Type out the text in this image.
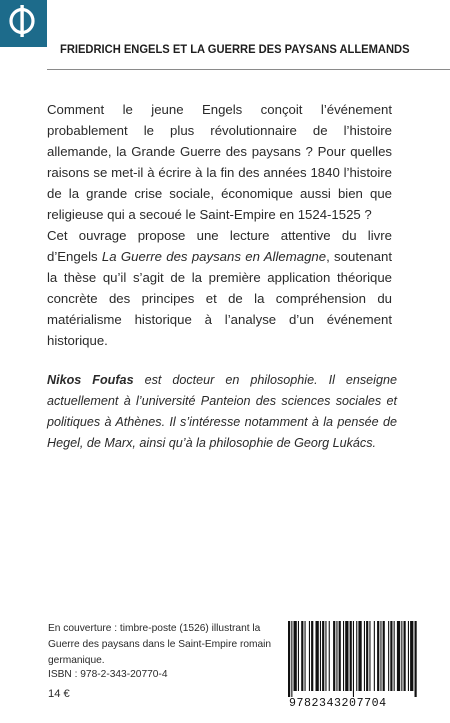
FRIEDRICH ENGELS ET LA GUERRE DES PAYSANS ALLEMANDS

Comment le jeune Engels conçoit l’événement probablement le plus révolutionnaire de l’histoire allemande, la Grande Guerre des paysans ? Pour quelles raisons se met-il à écrire à la fin des années 1840 l’histoire de la grande crise sociale, économique aussi bien que religieuse qui a secoué le Saint-Empire en 1524-1525 ?

Cet ouvrage propose une lecture attentive du livre d’Engels La Guerre des paysans en Allemagne, soutenant la thèse qu’il s’agit de la première application théorique concrète des principes et de la compréhension du matérialisme historique à l’analyse d’un événement historique.

Nikos Foufas est docteur en philosophie. Il enseigne actuellement à l’université Panteion des sciences sociales et politiques à Athènes. Il s’intéresse notamment à la pensée de Hegel, de Marx, ainsi qu’à la philosophie de Georg Lukács.
En couverture : timbre-poste (1526) illustrant la Guerre des paysans dans le Saint-Empire romain germanique.
ISBN : 978-2-343-20770-4
14 €
9782343207704
